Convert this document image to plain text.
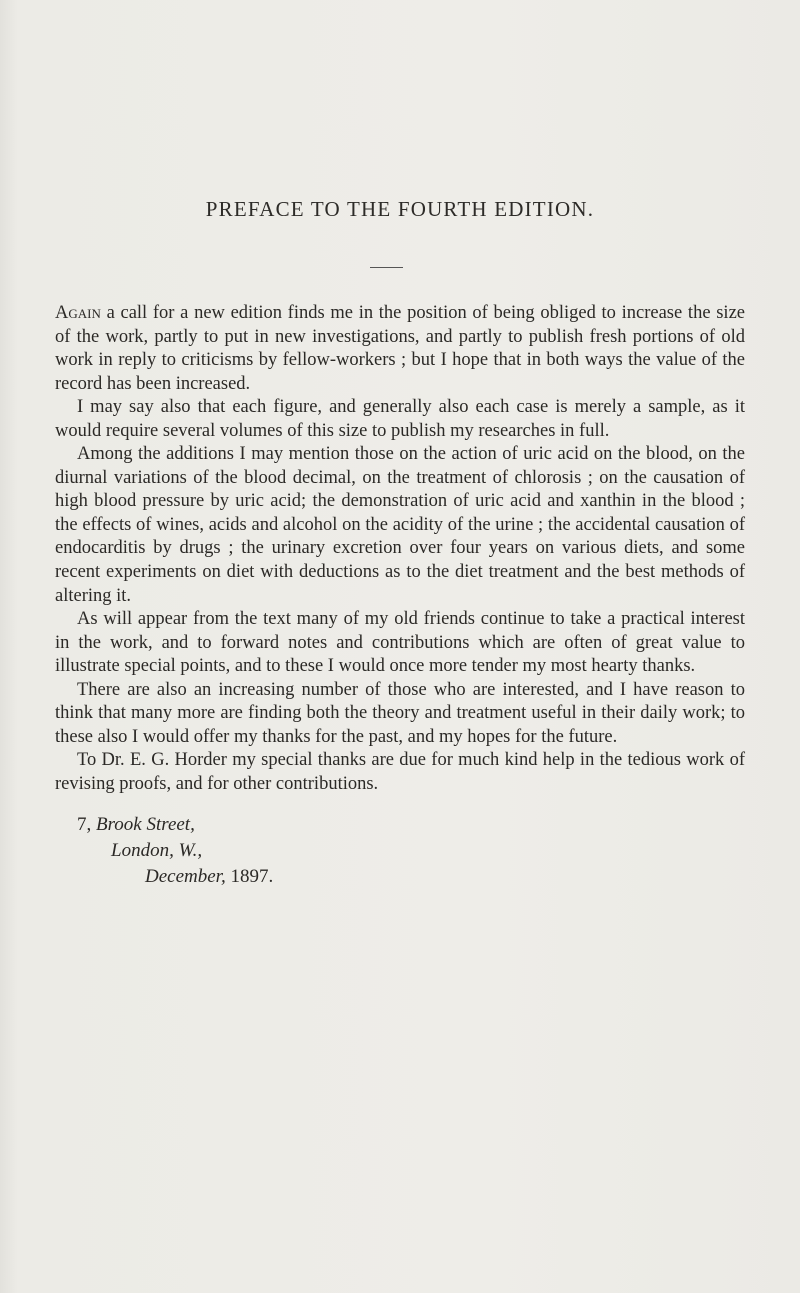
PREFACE TO THE FOURTH EDITION.

Again a call for a new edition finds me in the position of being obliged to increase the size of the work, partly to put in new investigations, and partly to publish fresh portions of old work in reply to criticisms by fellow-workers ; but I hope that in both ways the value of the record has been increased.

I may say also that each figure, and generally also each case is merely a sample, as it would require several volumes of this size to publish my researches in full.

Among the additions I may mention those on the action of uric acid on the blood, on the diurnal variations of the blood decimal, on the treatment of chlorosis ; on the causation of high blood pressure by uric acid; the demonstration of uric acid and xanthin in the blood ; the effects of wines, acids and alcohol on the acidity of the urine ; the accidental causation of endocarditis by drugs ; the urinary excretion over four years on various diets, and some recent experiments on diet with deductions as to the diet treatment and the best methods of altering it.

As will appear from the text many of my old friends continue to take a practical interest in the work, and to forward notes and contributions which are often of great value to illustrate special points, and to these I would once more tender my most hearty thanks.

There are also an increasing number of those who are interested, and I have reason to think that many more are finding both the theory and treatment useful in their daily work; to these also I would offer my thanks for the past, and my hopes for the future.

To Dr. E. G. Horder my special thanks are due for much kind help in the tedious work of revising proofs, and for other contributions.

7, Brook Street,
London, W.,
December, 1897.
